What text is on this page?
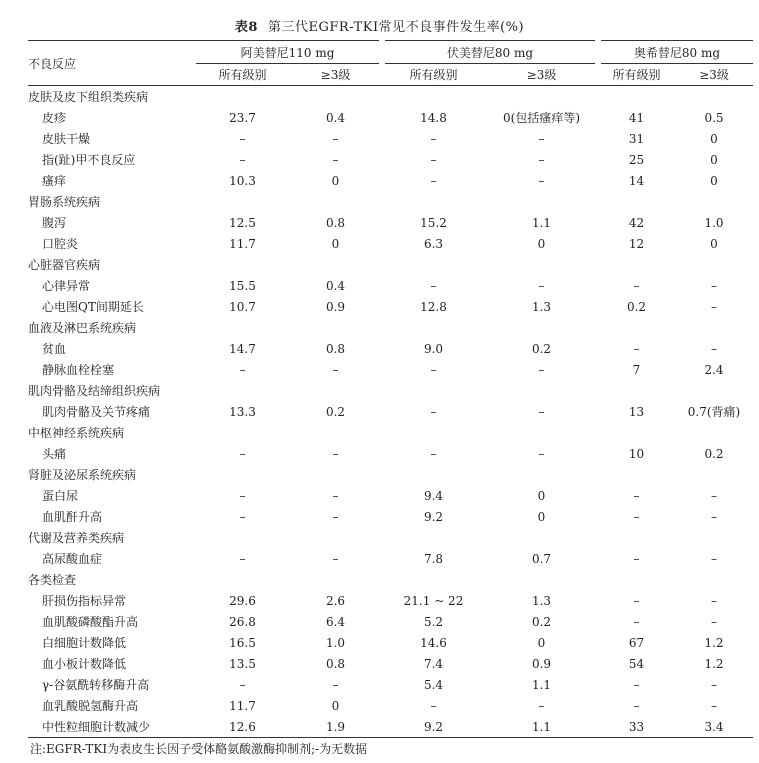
表8 第三代EGFR-TKI常见不良事件发生率(%)
不良反应	阿美替尼110 mg		伏美替尼80 mg		奥希替尼80 mg	
	所有级别	≥3级	所有级别	≥3级	所有级别	≥3级
皮肤及皮下组织类疾病						
皮疹	23.7	0.4	14.8	0(包括瘙痒等)	41	0.5
皮肤干燥	–	–	–	–	31	0
指(趾)甲不良反应	–	–	–	–	25	0
瘙痒	10.3	0	–	–	14	0
胃肠系统疾病						
腹泻	12.5	0.8	15.2	1.1	42	1.0
口腔炎	11.7	0	6.3	0	12	0
心脏器官疾病						
心律异常	15.5	0.4	–	–	–	–
心电图QT间期延长	10.7	0.9	12.8	1.3	0.2	–
血液及淋巴系统疾病						
贫血	14.7	0.8	9.0	0.2	–	–
静脉血栓栓塞	–	–	–	–	7	2.4
肌肉骨骼及结缔组织疾病						
肌肉骨骼及关节疼痛	13.3	0.2	–	–	13	0.7(背痛)
中枢神经系统疾病						
头痛	–	–	–	–	10	0.2
肾脏及泌尿系统疾病						
蛋白尿	–	–	9.4	0	–	–
血肌酐升高	–	–	9.2	0	–	–
代谢及营养类疾病						
高尿酸血症	–	–	7.8	0.7	–	–
各类检查						
肝损伤指标异常	29.6	2.6	21.1 ~ 22	1.3	–	–
血肌酸磷酸酯升高	26.8	6.4	5.2	0.2	–	–
白细胞计数降低	16.5	1.0	14.6	0	67	1.2
血小板计数降低	13.5	0.8	7.4	0.9	54	1.2
γ-谷氨酰转移酶升高	–	–	5.4	1.1	–	–
血乳酸脱氢酶升高	11.7	0	–	–	–	–
中性粒细胞计数减少	12.6	1.9	9.2	1.1	33	3.4
注:EGFR-TKI为表皮生长因子受体酪氨酸激酶抑制剂;-为无数据
